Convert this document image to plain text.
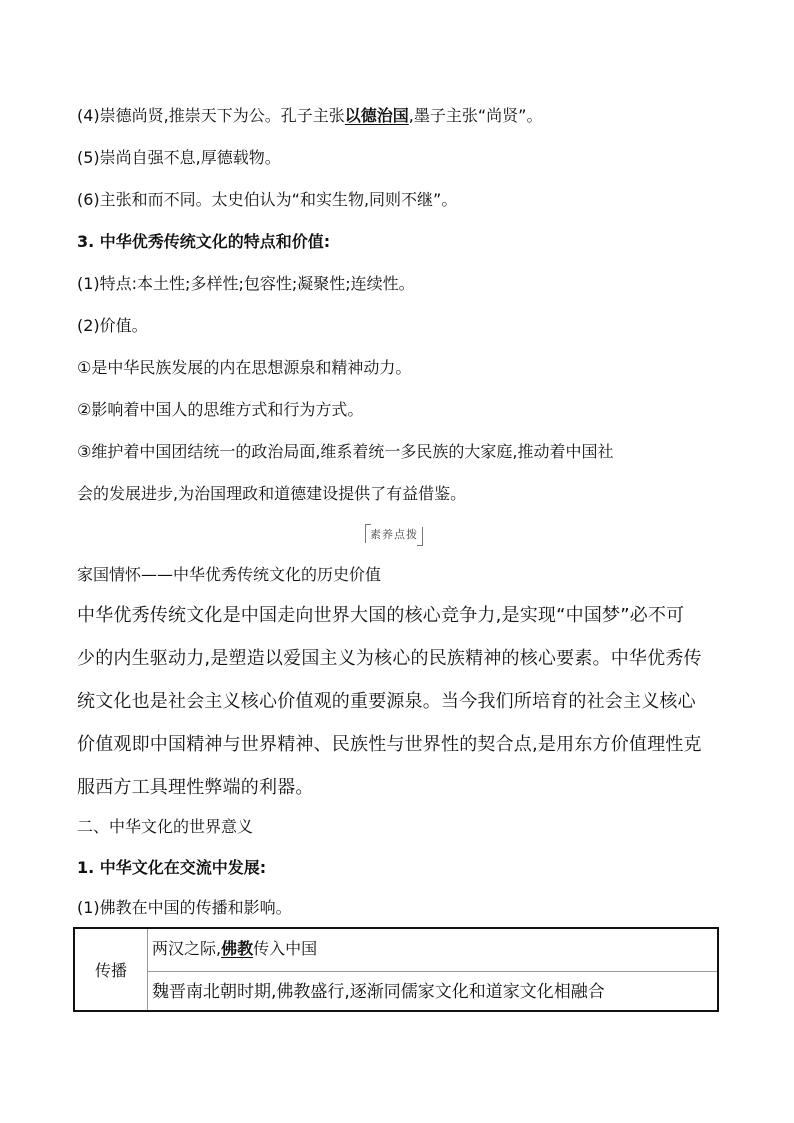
(4)崇德尚贤,推崇天下为公。孔子主张以德治国,墨子主张“尚贤”。
(5)崇尚自强不息,厚德载物。
(6)主张和而不同。太史伯认为“和实生物,同则不继”。
3. 中华优秀传统文化的特点和价值:
(1)特点:本土性;多样性;包容性;凝聚性;连续性。
(2)价值。
①是中华民族发展的内在思想源泉和精神动力。
②影响着中国人的思维方式和行为方式。
③维护着中国团结统一的政治局面,维系着统一多民族的大家庭,推动着中国社
会的发展进步,为治国理政和道德建设提供了有益借鉴。
素养点拨
家国情怀——中华优秀传统文化的历史价值
中华优秀传统文化是中国走向世界大国的核心竞争力,是实现“中国梦”必不可
少的内生驱动力,是塑造以爱国主义为核心的民族精神的核心要素。中华优秀传
统文化也是社会主义核心价值观的重要源泉。当今我们所培育的社会主义核心
价值观即中国精神与世界精神、民族性与世界性的契合点,是用东方价值理性克
服西方工具理性弊端的利器。
二、中华文化的世界意义
1. 中华文化在交流中发展:
(1)佛教在中国的传播和影响。
传播
两汉之际,佛教传入中国
魏晋南北朝时期,佛教盛行,逐渐同儒家文化和道家文化相融合
